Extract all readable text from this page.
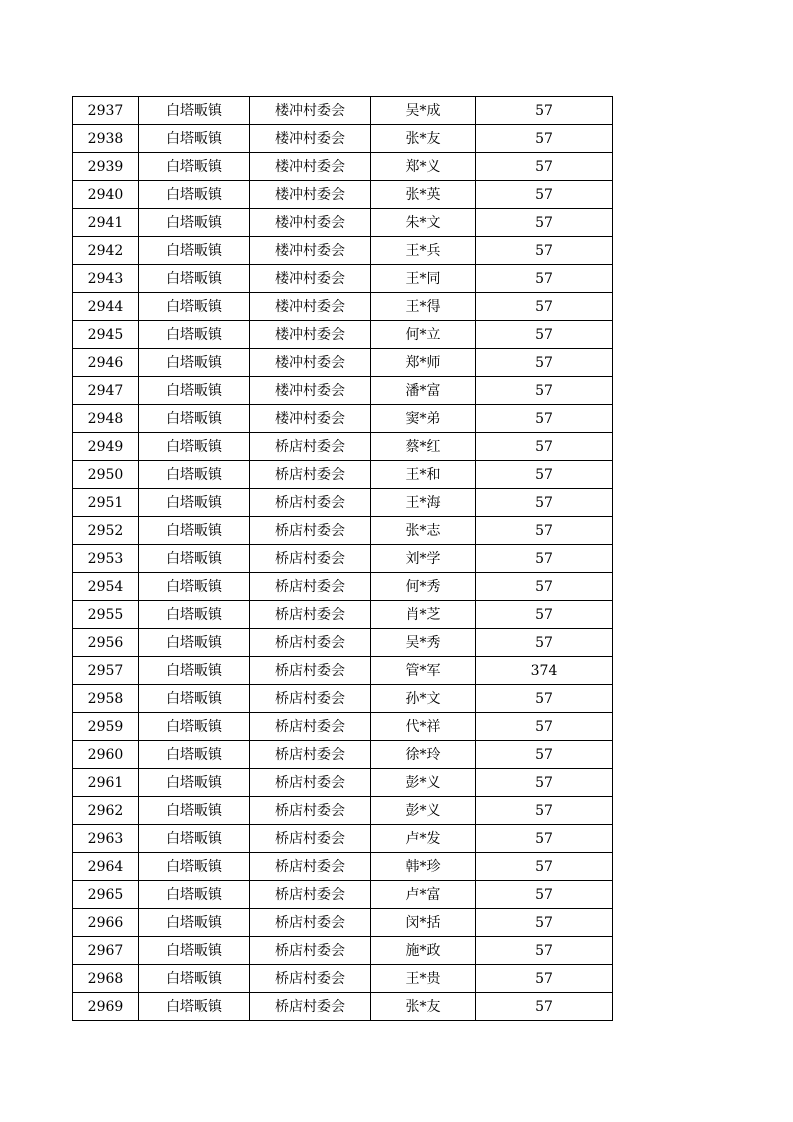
2937	白塔畈镇	楼冲村委会	吴*成	57
2938	白塔畈镇	楼冲村委会	张*友	57
2939	白塔畈镇	楼冲村委会	郑*义	57
2940	白塔畈镇	楼冲村委会	张*英	57
2941	白塔畈镇	楼冲村委会	朱*文	57
2942	白塔畈镇	楼冲村委会	王*兵	57
2943	白塔畈镇	楼冲村委会	王*同	57
2944	白塔畈镇	楼冲村委会	王*得	57
2945	白塔畈镇	楼冲村委会	何*立	57
2946	白塔畈镇	楼冲村委会	郑*师	57
2947	白塔畈镇	楼冲村委会	潘*富	57
2948	白塔畈镇	楼冲村委会	窦*弟	57
2949	白塔畈镇	桥店村委会	蔡*红	57
2950	白塔畈镇	桥店村委会	王*和	57
2951	白塔畈镇	桥店村委会	王*海	57
2952	白塔畈镇	桥店村委会	张*志	57
2953	白塔畈镇	桥店村委会	刘*学	57
2954	白塔畈镇	桥店村委会	何*秀	57
2955	白塔畈镇	桥店村委会	肖*芝	57
2956	白塔畈镇	桥店村委会	吴*秀	57
2957	白塔畈镇	桥店村委会	管*军	374
2958	白塔畈镇	桥店村委会	孙*文	57
2959	白塔畈镇	桥店村委会	代*祥	57
2960	白塔畈镇	桥店村委会	徐*玲	57
2961	白塔畈镇	桥店村委会	彭*义	57
2962	白塔畈镇	桥店村委会	彭*义	57
2963	白塔畈镇	桥店村委会	卢*发	57
2964	白塔畈镇	桥店村委会	韩*珍	57
2965	白塔畈镇	桥店村委会	卢*富	57
2966	白塔畈镇	桥店村委会	闵*括	57
2967	白塔畈镇	桥店村委会	施*政	57
2968	白塔畈镇	桥店村委会	王*贵	57
2969	白塔畈镇	桥店村委会	张*友	57
